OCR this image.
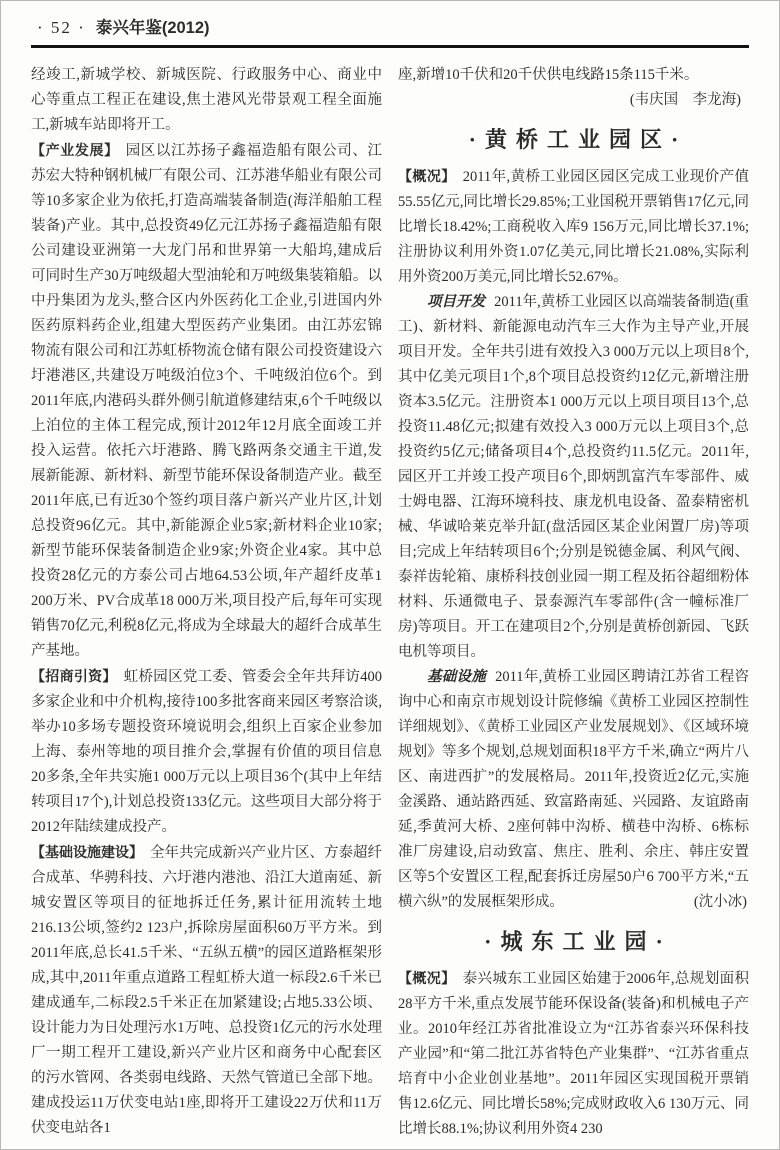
· 52 · 泰兴年鉴(2012)

经竣工,新城学校、新城医院、行政服务中心、商业中心等重点工程正在建设,焦土港风光带景观工程全面施工,新城车站即将开工。

【产业发展】 园区以江苏扬子鑫福造船有限公司、江苏宏大特种钢机械厂有限公司、江苏港华船业有限公司等10多家企业为依托,打造高端装备制造(海洋船舶工程装备)产业。其中,总投资49亿元江苏扬子鑫福造船有限公司建设亚洲第一大龙门吊和世界第一大船坞,建成后可同时生产30万吨级超大型油轮和万吨级集装箱船。以中丹集团为龙头,整合区内外医药化工企业,引进国内外医药原料药企业,组建大型医药产业集团。由江苏宏锦物流有限公司和江苏虹桥物流仓储有限公司投资建设六圩港港区,共建设万吨级泊位3个、千吨级泊位6个。到2011年底,内港码头群外侧引航道修建结束,6个千吨级以上泊位的主体工程完成,预计2012年12月底全面竣工并投入运营。依托六圩港路、腾飞路两条交通主干道,发展新能源、新材料、新型节能环保设备制造产业。截至2011年底,已有近30个签约项目落户新兴产业片区,计划总投资96亿元。其中,新能源企业5家;新材料企业10家;新型节能环保装备制造企业9家;外资企业4家。其中总投资28亿元的方泰公司占地64.53公顷,年产超纤皮革1 200万米、PV合成革18 000万米,项目投产后,每年可实现销售70亿元,利税8亿元,将成为全球最大的超纤合成革生产基地。

【招商引资】 虹桥园区党工委、管委会全年共拜访400多家企业和中介机构,接待100多批客商来园区考察洽谈,举办10多场专题投资环境说明会,组织上百家企业参加上海、泰州等地的项目推介会,掌握有价值的项目信息20多条,全年共实施1 000万元以上项目36个(其中上年结转项目17个),计划总投资133亿元。这些项目大部分将于2012年陆续建成投产。

【基础设施建设】 全年共完成新兴产业片区、方泰超纤合成革、华骋科技、六圩港内港池、沿江大道南延、新城安置区等项目的征地拆迁任务,累计征用流转土地216.13公顷,签约2 123户,拆除房屋面积60万平方米。到2011年底,总长41.5千米、“五纵五横”的园区道路框架形成,其中,2011年重点道路工程虹桥大道一标段2.6千米已建成通车,二标段2.5千米正在加紧建设;占地5.33公顷、设计能力为日处理污水1万吨、总投资1亿元的污水处理厂一期工程开工建设,新兴产业片区和商务中心配套区的污水管网、各类弱电线路、天然气管道已全部下地。建成投运11万伏变电站1座,即将开工建设22万伏和11万伏变电站各1

座,新增10千伏和20千伏供电线路15条115千米。

(韦庆国　李龙海)

·黄桥工业园区·

【概况】 2011年,黄桥工业园区园区完成工业现价产值55.55亿元,同比增长29.85%;工业国税开票销售17亿元,同比增长18.42%;工商税收入库9 156万元,同比增长37.1%;注册协议利用外资1.07亿美元,同比增长21.08%,实际利用外资200万美元,同比增长52.67%。

项目开发 2011年,黄桥工业园区以高端装备制造(重工)、新材料、新能源电动汽车三大作为主导产业,开展项目开发。全年共引进有效投入3 000万元以上项目8个,其中亿美元项目1个,8个项目总投资约12亿元,新增注册资本3.5亿元。注册资本1 000万元以上项目项目13个,总投资11.48亿元;拟建有效投入3 000万元以上项目3个,总投资约5亿元;储备项目4个,总投资约11.5亿元。2011年,园区开工并竣工投产项目6个,即炳凯富汽车零部件、威士姆电器、江海环境科技、康龙机电设备、盈泰精密机械、华诚哈莱克举升缸(盘活园区某企业闲置厂房)等项目;完成上年结转项目6个;分别是锐德金属、利风气阀、泰祥齿轮箱、康桥科技创业园一期工程及拓谷超细粉体材料、乐通微电子、景泰源汽车零部件(含一幢标准厂房)等项目。开工在建项目2个,分别是黄桥创新园、飞跃电机等项目。

基础设施 2011年,黄桥工业园区聘请江苏省工程咨询中心和南京市规划设计院修编《黄桥工业园区控制性详细规划》、《黄桥工业园区产业发展规划》、《区域环境规划》等多个规划,总规划面积18平方千米,确立“两片八区、南进西扩”的发展格局。2011年,投资近2亿元,实施金溪路、通站路西延、致富路南延、兴园路、友谊路南延,季黄河大桥、2座何韩中沟桥、横巷中沟桥、6栋标准厂房建设,启动致富、焦庄、胜利、余庄、韩庄安置区等5个安置区工程,配套拆迁房屋50户6 700平方米,“五横六纵”的发展框架形成。	(沈小冰)

·城东工业园·

【概况】 泰兴城东工业园区始建于2006年,总规划面积28平方千米,重点发展节能环保设备(装备)和机械电子产业。2010年经江苏省批准设立为“江苏省泰兴环保科技产业园”和“第二批江苏省特色产业集群”、“江苏省重点培育中小企业创业基地”。2011年园区实现国税开票销售12.6亿元、同比增长58%;完成财政收入6 130万元、同比增长88.1%;协议利用外资4 230
